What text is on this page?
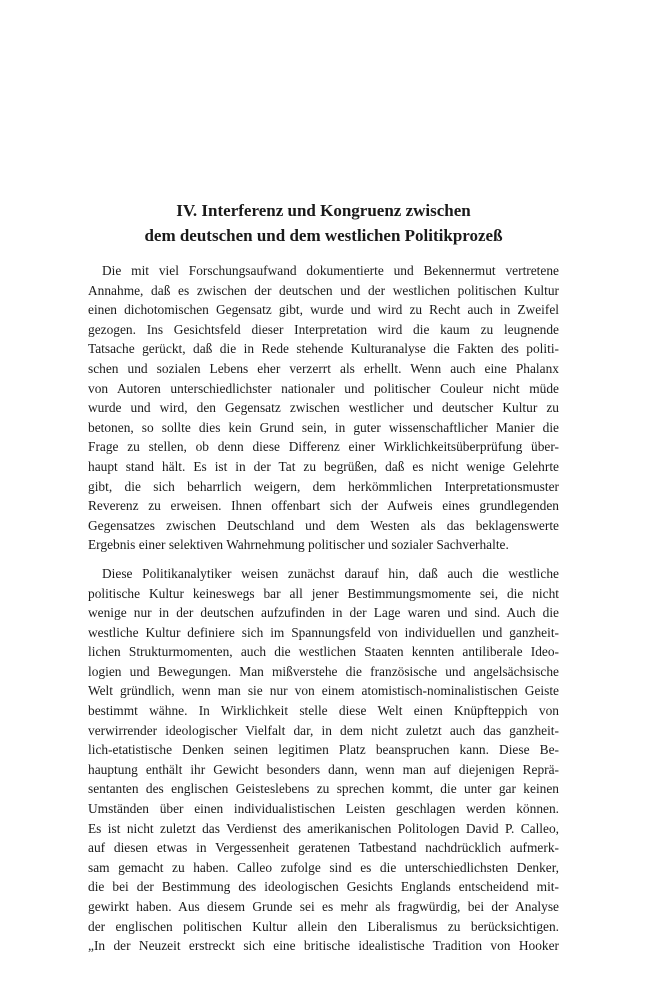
IV. Interferenz und Kongruenz zwischen
dem deutschen und dem westlichen Politikprozeß

Die mit viel Forschungsaufwand dokumentierte und Bekennermut vertretene
Annahme, daß es zwischen der deutschen und der westlichen politischen Kultur
einen dichotomischen Gegensatz gibt, wurde und wird zu Recht auch in Zweifel
gezogen. Ins Gesichtsfeld dieser Interpretation wird die kaum zu leugnende
Tatsache gerückt, daß die in Rede stehende Kulturanalyse die Fakten des politi-
schen und sozialen Lebens eher verzerrt als erhellt. Wenn auch eine Phalanx
von Autoren unterschiedlichster nationaler und politischer Couleur nicht müde
wurde und wird, den Gegensatz zwischen westlicher und deutscher Kultur zu
betonen, so sollte dies kein Grund sein, in guter wissenschaftlicher Manier die
Frage zu stellen, ob denn diese Differenz einer Wirklichkeitsüberprüfung über-
haupt stand hält. Es ist in der Tat zu begrüßen, daß es nicht wenige Gelehrte
gibt, die sich beharrlich weigern, dem herkömmlichen Interpretationsmuster
Reverenz zu erweisen. Ihnen offenbart sich der Aufweis eines grundlegenden
Gegensatzes zwischen Deutschland und dem Westen als das beklagenswerte
Ergebnis einer selektiven Wahrnehmung politischer und sozialer Sachverhalte.

Diese Politikanalytiker weisen zunächst darauf hin, daß auch die westliche
politische Kultur keineswegs bar all jener Bestimmungsmomente sei, die nicht
wenige nur in der deutschen aufzufinden in der Lage waren und sind. Auch die
westliche Kultur definiere sich im Spannungsfeld von individuellen und ganzheit-
lichen Strukturmomenten, auch die westlichen Staaten kennten antiliberale Ideo-
logien und Bewegungen. Man mißverstehe die französische und angelsächsische
Welt gründlich, wenn man sie nur von einem atomistisch-nominalistischen Geiste
bestimmt wähne. In Wirklichkeit stelle diese Welt einen Knüpfteppich von
verwirrender ideologischer Vielfalt dar, in dem nicht zuletzt auch das ganzheit-
lich-etatistische Denken seinen legitimen Platz beanspruchen kann. Diese Be-
hauptung enthält ihr Gewicht besonders dann, wenn man auf diejenigen Reprä-
sentanten des englischen Geisteslebens zu sprechen kommt, die unter gar keinen
Umständen über einen individualistischen Leisten geschlagen werden können.
Es ist nicht zuletzt das Verdienst des amerikanischen Politologen David P. Calleo,
auf diesen etwas in Vergessenheit geratenen Tatbestand nachdrücklich aufmerk-
sam gemacht zu haben. Calleo zufolge sind es die unterschiedlichsten Denker,
die bei der Bestimmung des ideologischen Gesichts Englands entscheidend mit-
gewirkt haben. Aus diesem Grunde sei es mehr als fragwürdig, bei der Analyse
der englischen politischen Kultur allein den Liberalismus zu berücksichtigen.
„In der Neuzeit erstreckt sich eine britische idealistische Tradition von Hooker
